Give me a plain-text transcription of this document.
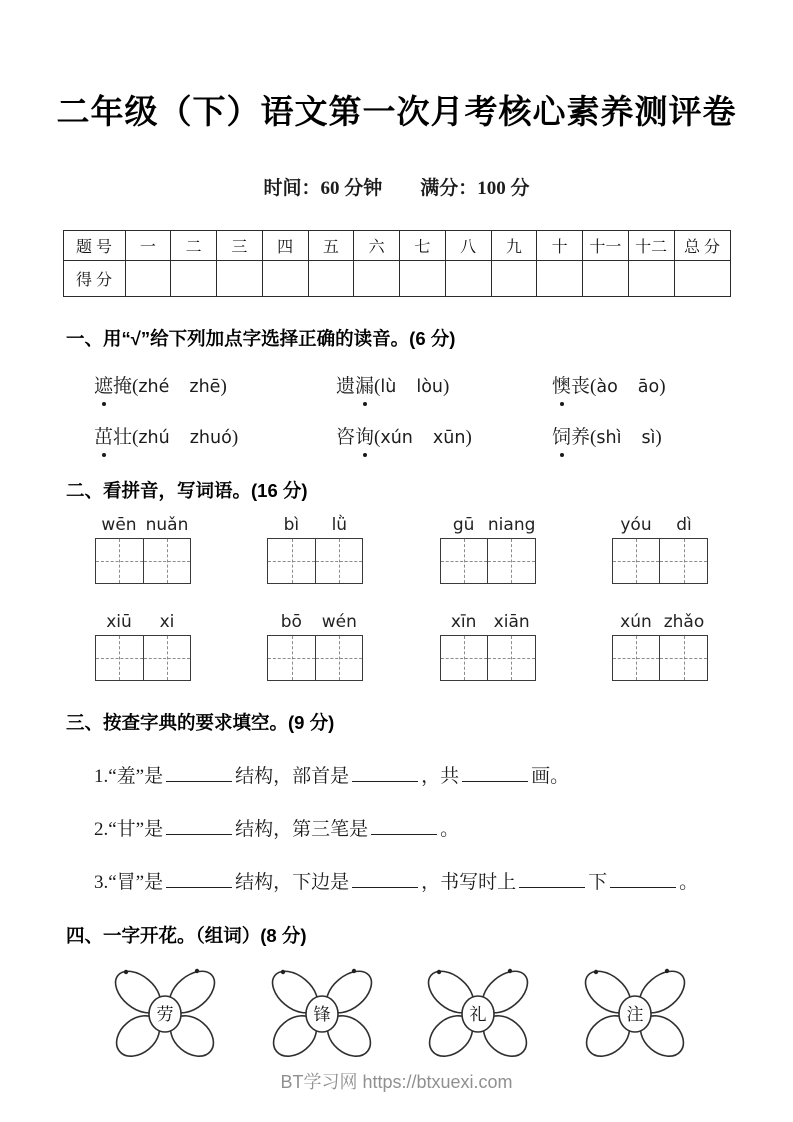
二年级（下）语文第一次月考核心素养测评卷
时间：60 分钟 满分：100 分
题 号	一	二	三	四	五	六	七	八	九	十	十一	十二	总 分
得 分													
一、用“√”给下列加点字选择正确的读音。(6 分)
遮掩(zhé zhē)	遗漏(lù lòu)	懊丧(ào āo)
茁壮(zhú zhuó)	咨询(xún xūn)	饲养(shì sì)
二、看拼音，写词语。(16 分)
wēn nuǎn	bì	lǜ	gū niang	yóu	dì
xiū	xi	bō	wén	xīn	xiān	xún zhǎo
三、按查字典的要求填空。(9 分)
1.“羞”是	结构，部首是	，共	画。
2.“甘”是	结构，第三笔是	。
3.“冒”是	结构，下边是	，书写时上	下	。
四、一字开花。（组词）(8 分)
劳	锋	礼	注
BT学习网 https://btxuexi.com
